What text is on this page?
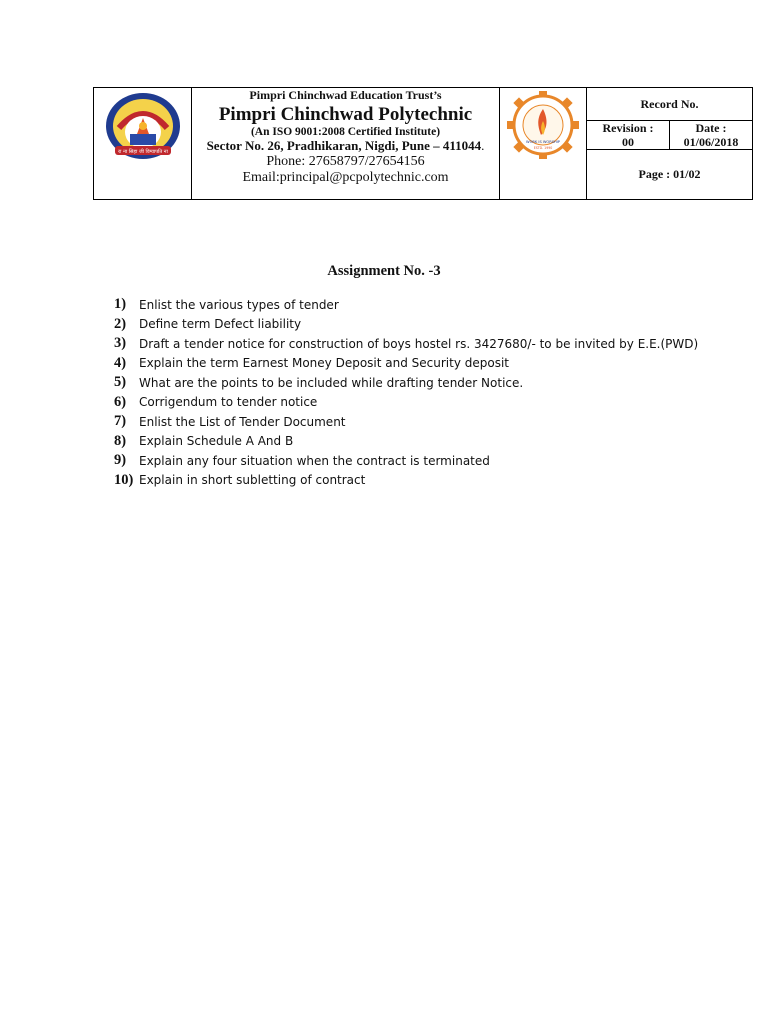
रा ना सिहा जी विग्यापति ना

Pimpri Chinchwad Education Trust’s
Pimpri Chinchwad Polytechnic
(An ISO 9001:2008 Certified Institute)
Sector No. 26, Pradhikaran, Nigdi, Pune – 411044.
Phone: 27658797/27654156
Email:principal@pcpolytechnic.com

WORK IS WORSHIP
ESTD. 1990

Record No.
Revision :
00
Date :
01/06/2018
Page : 01/02
Assignment No. -3
1)	Enlist the various types of tender
2)	Define term Defect liability
3)	Draft a tender notice for construction of boys hostel rs. 3427680/- to be invited by E.E.(PWD)
4)	Explain the term Earnest Money Deposit and Security deposit
5)	What are the points to be included while drafting tender Notice.
6)	Corrigendum to tender notice
7)	Enlist the List of Tender Document
8)	Explain Schedule A And B
9)	Explain any four situation when the contract is terminated
10) Explain in short subletting of contract
